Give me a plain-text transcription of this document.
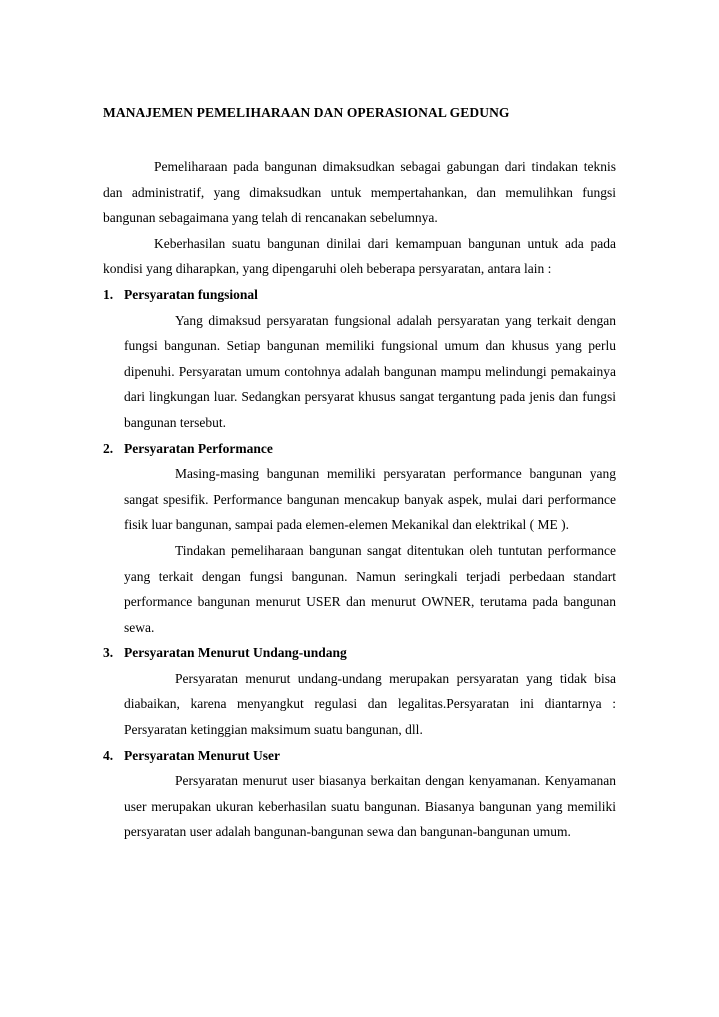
MANAJEMEN PEMELIHARAAN DAN OPERASIONAL GEDUNG

Pemeliharaan pada bangunan dimaksudkan sebagai gabungan dari tindakan teknis dan administratif, yang dimaksudkan untuk mempertahankan, dan memulihkan fungsi bangunan sebagaimana yang telah di rencanakan sebelumnya.

Keberhasilan suatu bangunan dinilai dari kemampuan bangunan untuk ada pada kondisi yang diharapkan, yang dipengaruhi oleh beberapa persyaratan, antara lain :

1. Persyaratan fungsional

Yang dimaksud persyaratan fungsional adalah persyaratan yang terkait dengan fungsi bangunan. Setiap bangunan memiliki fungsional umum dan khusus yang perlu dipenuhi. Persyaratan umum contohnya adalah bangunan mampu melindungi pemakainya dari lingkungan luar. Sedangkan persyarat khusus sangat tergantung pada jenis dan fungsi bangunan tersebut.

2. Persyaratan Performance

Masing-masing bangunan memiliki persyaratan performance bangunan yang sangat spesifik. Performance bangunan mencakup banyak aspek, mulai dari performance fisik luar bangunan, sampai pada elemen-elemen Mekanikal dan elektrikal ( ME ).

Tindakan pemeliharaan bangunan sangat ditentukan oleh tuntutan performance yang terkait dengan fungsi bangunan. Namun seringkali terjadi perbedaan standart performance bangunan menurut USER dan menurut OWNER, terutama pada bangunan sewa.

3. Persyaratan Menurut Undang-undang

Persyaratan menurut undang-undang merupakan persyaratan yang tidak bisa diabaikan, karena menyangkut regulasi dan legalitas.Persyaratan ini diantarnya : Persyaratan ketinggian maksimum suatu bangunan, dll.

4. Persyaratan Menurut User

Persyaratan menurut user biasanya berkaitan dengan kenyamanan. Kenyamanan user merupakan ukuran keberhasilan suatu bangunan. Biasanya bangunan yang memiliki persyaratan user adalah bangunan-bangunan sewa dan bangunan-bangunan umum.
